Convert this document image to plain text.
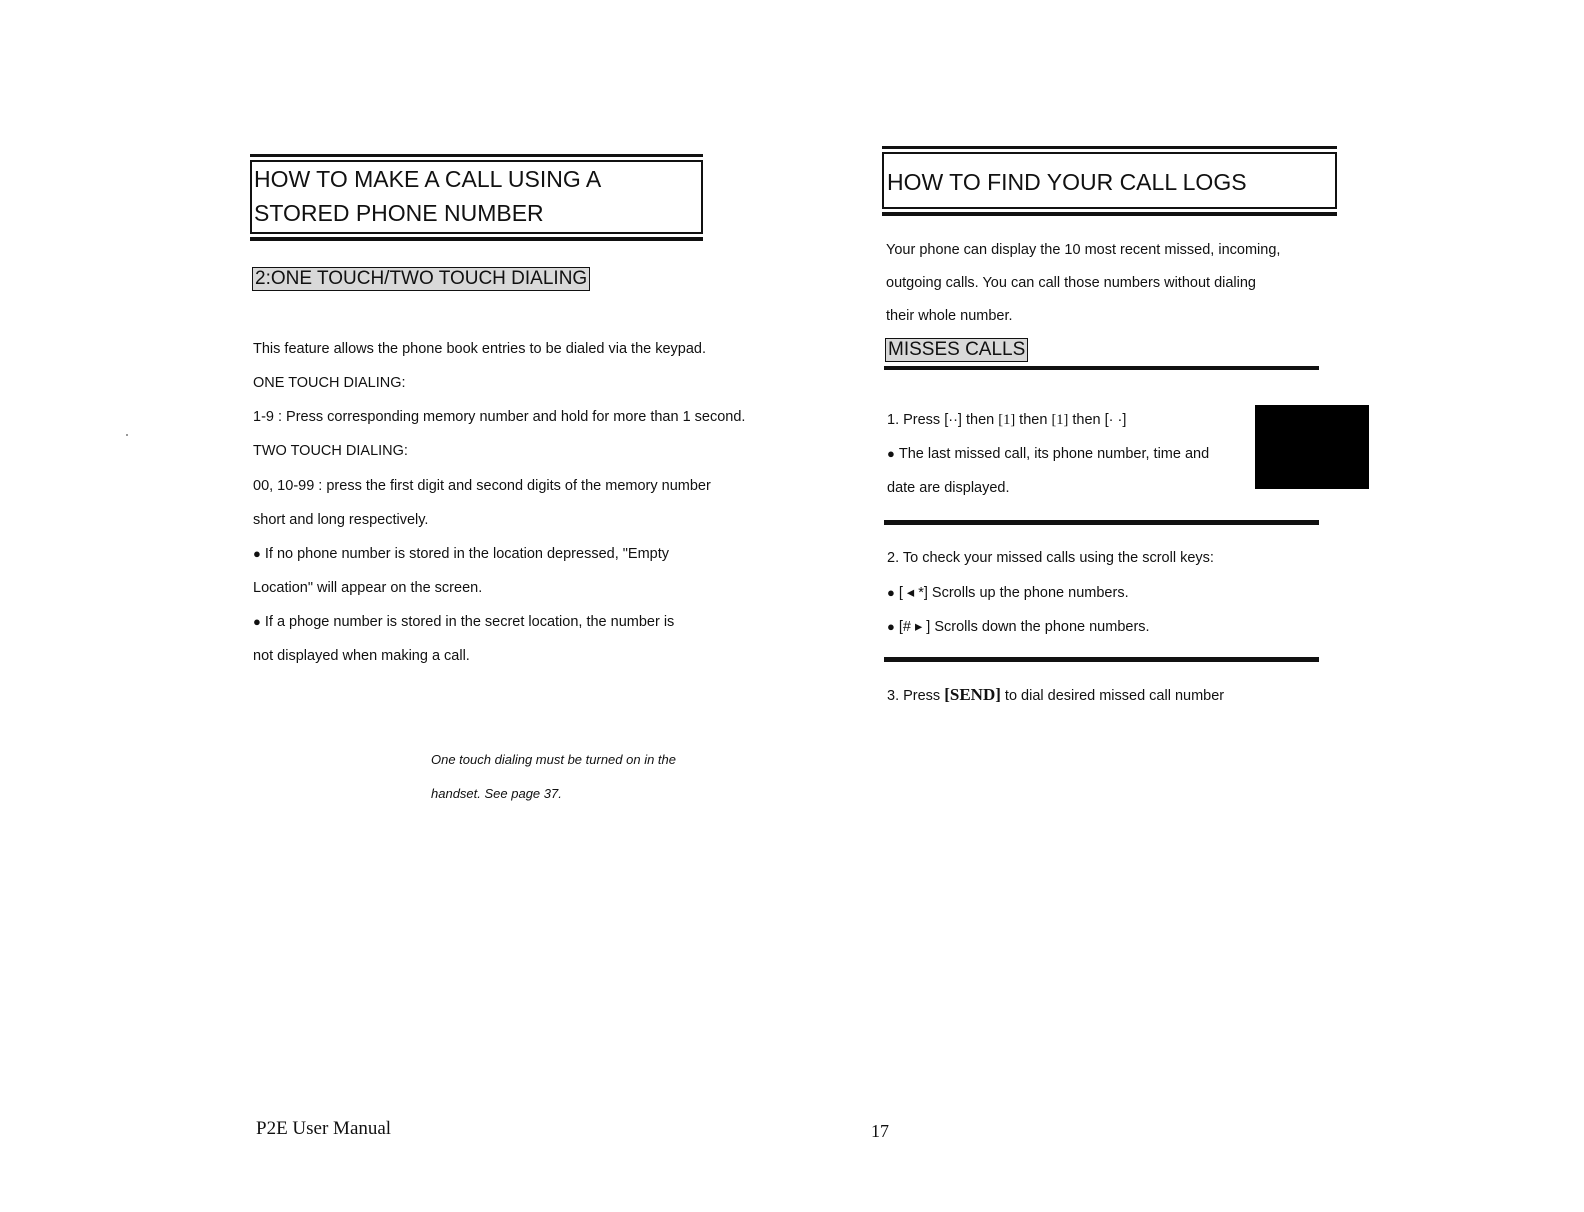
HOW TO MAKE A CALL USING A
STORED PHONE NUMBER
2:ONE TOUCH/TWO TOUCH DIALING
This feature allows the phone book entries to be dialed via the keypad.
ONE TOUCH DIALING:
1-9 : Press corresponding memory number and hold for more than 1 second.
TWO TOUCH DIALING:
00, 10-99 : press the first digit and second digits of the memory number
short and long respectively.
● If no phone number is stored in the location depressed, "Empty
Location" will appear on the screen.
● If a phoge number is stored in the secret location, the number is
not displayed when making a call.
One touch dialing must be turned on in the
handset. See page 37.
HOW TO FIND YOUR CALL LOGS
Your phone can display the 10 most recent missed, incoming,
outgoing calls. You can call those numbers without dialing
their whole number.
MISSES CALLS
1. Press [··] then [1] then [1] then [· ·]
● The last missed call, its phone number, time and
date are displayed.
2. To check your missed calls using the scroll keys:
● [ ◂ *] Scrolls up the phone numbers.
● [# ▸ ] Scrolls down the phone numbers.
3. Press [SEND] to dial desired missed call number
P2E User Manual	17
